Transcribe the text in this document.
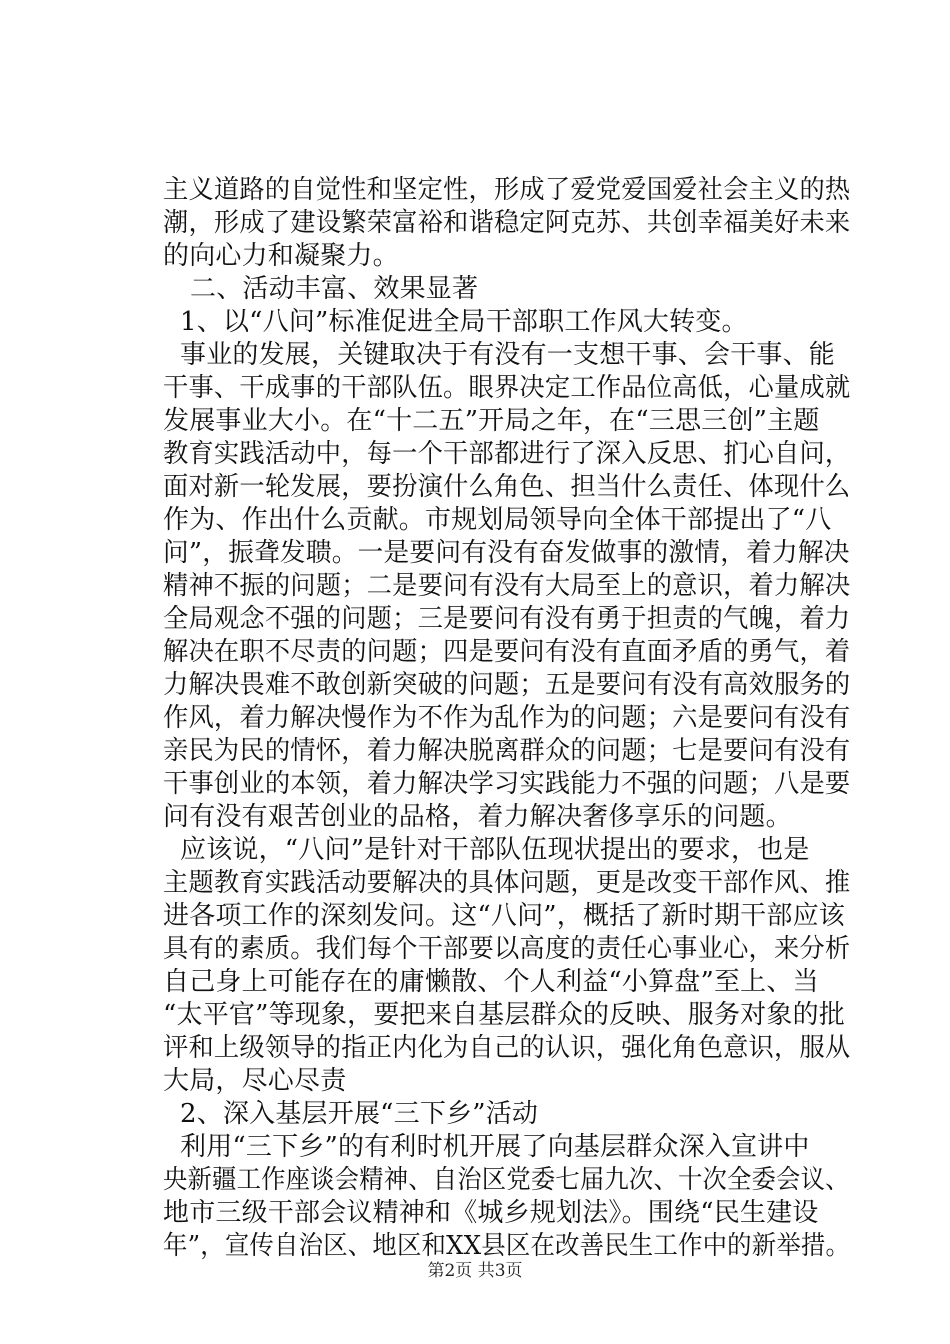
主义道路的自觉性和坚定性，形成了爱党爱国爱社会主义的热
潮，形成了建设繁荣富裕和谐稳定阿克苏、共创幸福美好未来
的向心力和凝聚力。
二、活动丰富、效果显著
1、以“八问”标准促进全局干部职工作风大转变。
事业的发展，关键取决于有没有一支想干事、会干事、能
干事、干成事的干部队伍。眼界决定工作品位高低，心量成就
发展事业大小。在“十二五”开局之年，在“三思三创”主题
教育实践活动中，每一个干部都进行了深入反思、扪心自问，
面对新一轮发展，要扮演什么角色、担当什么责任、体现什么
作为、作出什么贡献。市规划局领导向全体干部提出了“八
问”，振聋发聩。一是要问有没有奋发做事的激情，着力解决
精神不振的问题；二是要问有没有大局至上的意识，着力解决
全局观念不强的问题；三是要问有没有勇于担责的气魄，着力
解决在职不尽责的问题；四是要问有没有直面矛盾的勇气，着
力解决畏难不敢创新突破的问题；五是要问有没有高效服务的
作风，着力解决慢作为不作为乱作为的问题；六是要问有没有
亲民为民的情怀，着力解决脱离群众的问题；七是要问有没有
干事创业的本领，着力解决学习实践能力不强的问题；八是要
问有没有艰苦创业的品格，着力解决奢侈享乐的问题。
应该说，“八问”是针对干部队伍现状提出的要求，也是
主题教育实践活动要解决的具体问题，更是改变干部作风、推
进各项工作的深刻发问。这“八问”，概括了新时期干部应该
具有的素质。我们每个干部要以高度的责任心事业心，来分析
自己身上可能存在的庸懒散、个人利益“小算盘”至上、当
“太平官”等现象，要把来自基层群众的反映、服务对象的批
评和上级领导的指正内化为自己的认识，强化角色意识，服从
大局，尽心尽责
2、深入基层开展“三下乡”活动
利用“三下乡”的有利时机开展了向基层群众深入宣讲中
央新疆工作座谈会精神、自治区党委七届九次、十次全委会议、
地市三级干部会议精神和《城乡规划法》。围绕“民生建设
年”，宣传自治区、地区和XX县区在改善民生工作中的新举措。
第2页 共3页
